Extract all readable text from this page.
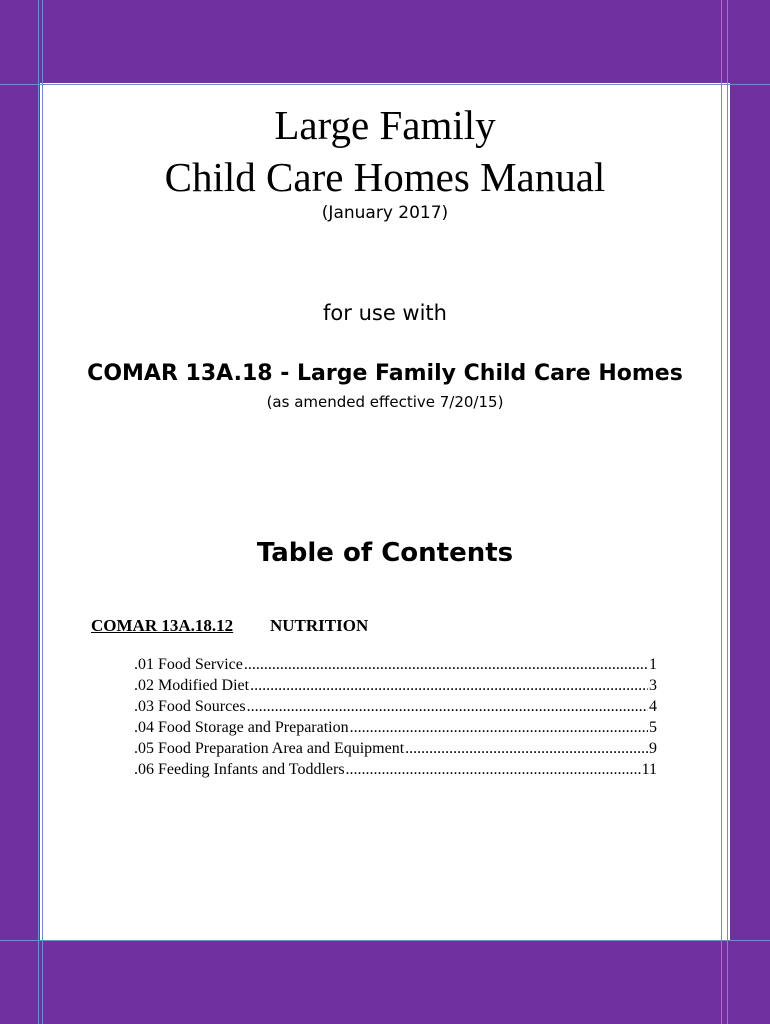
Large Family
Child Care Homes Manual
(January 2017)
for use with
COMAR 13A.18 - Large Family Child Care Homes
(as amended effective 7/20/15)
Table of Contents
COMAR 13A.18.12 NUTRITION
.01 Food Service .....	1
.02 Modified Diet .....	3
.03 Food Sources .....	4
.04 Food Storage and Preparation .....	5
.05 Food Preparation Area and Equipment .....	9
.06 Feeding Infants and Toddlers .....	11
